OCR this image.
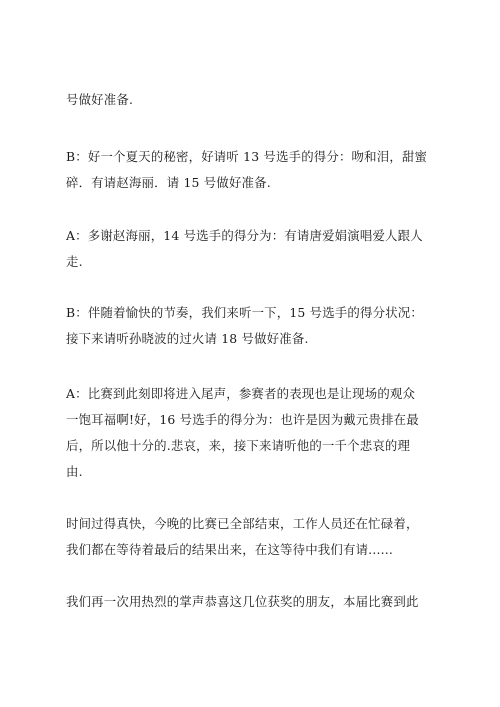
号做好准备.

B：好一个夏天的秘密，好请听 13 号选手的得分：吻和泪，甜蜜
碎．有请赵海丽．请 15 号做好准备.

A：多谢赵海丽，14 号选手的得分为：有请唐爱娟演唱爱人跟人
走.

B：伴随着愉快的节奏，我们来听一下，15 号选手的得分状况：
接下来请听孙晓波的过火请 18 号做好准备.

A：比赛到此刻即将进入尾声，参赛者的表现也是让现场的观众
一饱耳福啊!好，16 号选手的得分为：也许是因为戴元贵排在最
后，所以他十分的.悲哀，来，接下来请听他的一千个悲哀的理
由.

时间过得真快，今晚的比赛已全部结束，工作人员还在忙碌着，
我们都在等待着最后的结果出来，在这等待中我们有请......

我们再一次用热烈的掌声恭喜这几位获奖的朋友，本届比赛到此
